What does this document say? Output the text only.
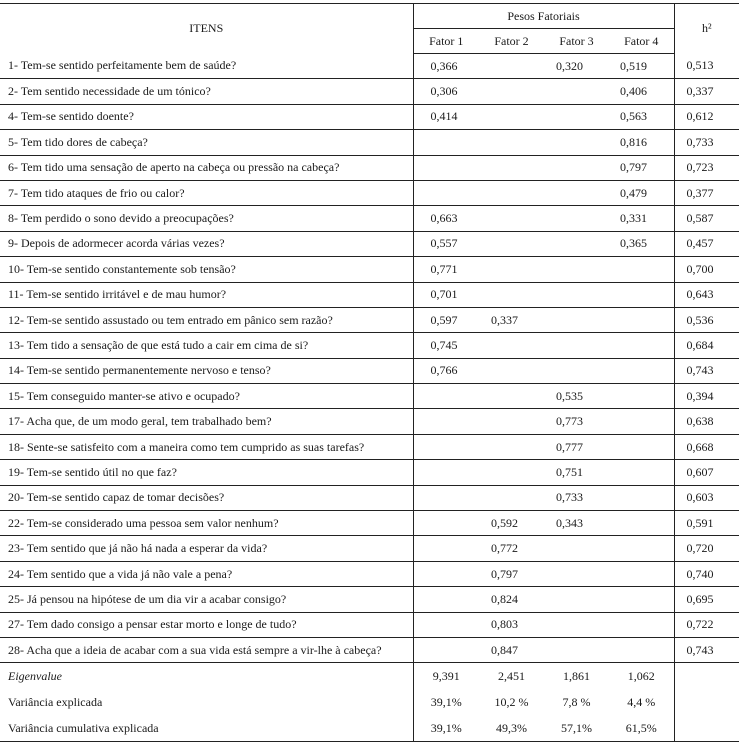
ITENS	Pesos Fatoriais				h²
	Fator 1	Fator 2	Fator 3	Fator 4	
1- Tem-se sentido perfeitamente bem de saúde?	0,366		0,320	0,519	0,513
2- Tem sentido necessidade de um tónico?	0,306			0,406	0,337
4- Tem-se sentido doente?	0,414			0,563	0,612
5- Tem tido dores de cabeça?				0,816	0,733
6- Tem tido uma sensação de aperto na cabeça ou pressão na cabeça?				0,797	0,723
7- Tem tido ataques de frio ou calor?				0,479	0,377
8- Tem perdido o sono devido a preocupações?	0,663			0,331	0,587
9- Depois de adormecer acorda várias vezes?	0,557			0,365	0,457
10- Tem-se sentido constantemente sob tensão?	0,771				0,700
11- Tem-se sentido irritável e de mau humor?	0,701				0,643
12- Tem-se sentido assustado ou tem entrado em pânico sem razão?	0,597	0,337			0,536
13- Tem tido a sensação de que está tudo a cair em cima de si?	0,745				0,684
14- Tem-se sentido permanentemente nervoso e tenso?	0,766				0,743
15- Tem conseguido manter-se ativo e ocupado?			0,535		0,394
17- Acha que, de um modo geral, tem trabalhado bem?			0,773		0,638
18- Sente-se satisfeito com a maneira como tem cumprido as suas tarefas?			0,777		0,668
19- Tem-se sentido útil no que faz?			0,751		0,607
20- Tem-se sentido capaz de tomar decisões?			0,733		0,603
22- Tem-se considerado uma pessoa sem valor nenhum?		0,592	0,343		0,591
23- Tem sentido que já não há nada a esperar da vida?		0,772			0,720
24- Tem sentido que a vida já não vale a pena?		0,797			0,740
25- Já pensou na hipótese de um dia vir a acabar consigo?		0,824			0,695
27- Tem dado consigo a pensar estar morto e longe de tudo?		0,803			0,722
28- Acha que a ideia de acabar com a sua vida está sempre a vir-lhe à cabeça?		0,847			0,743
Eigenvalue	9,391	2,451	1,861	1,062	
Variância explicada	39,1%	10,2 %	7,8 %	4,4 %	
Variância cumulativa explicada	39,1%	49,3%	57,1%	61,5%	
